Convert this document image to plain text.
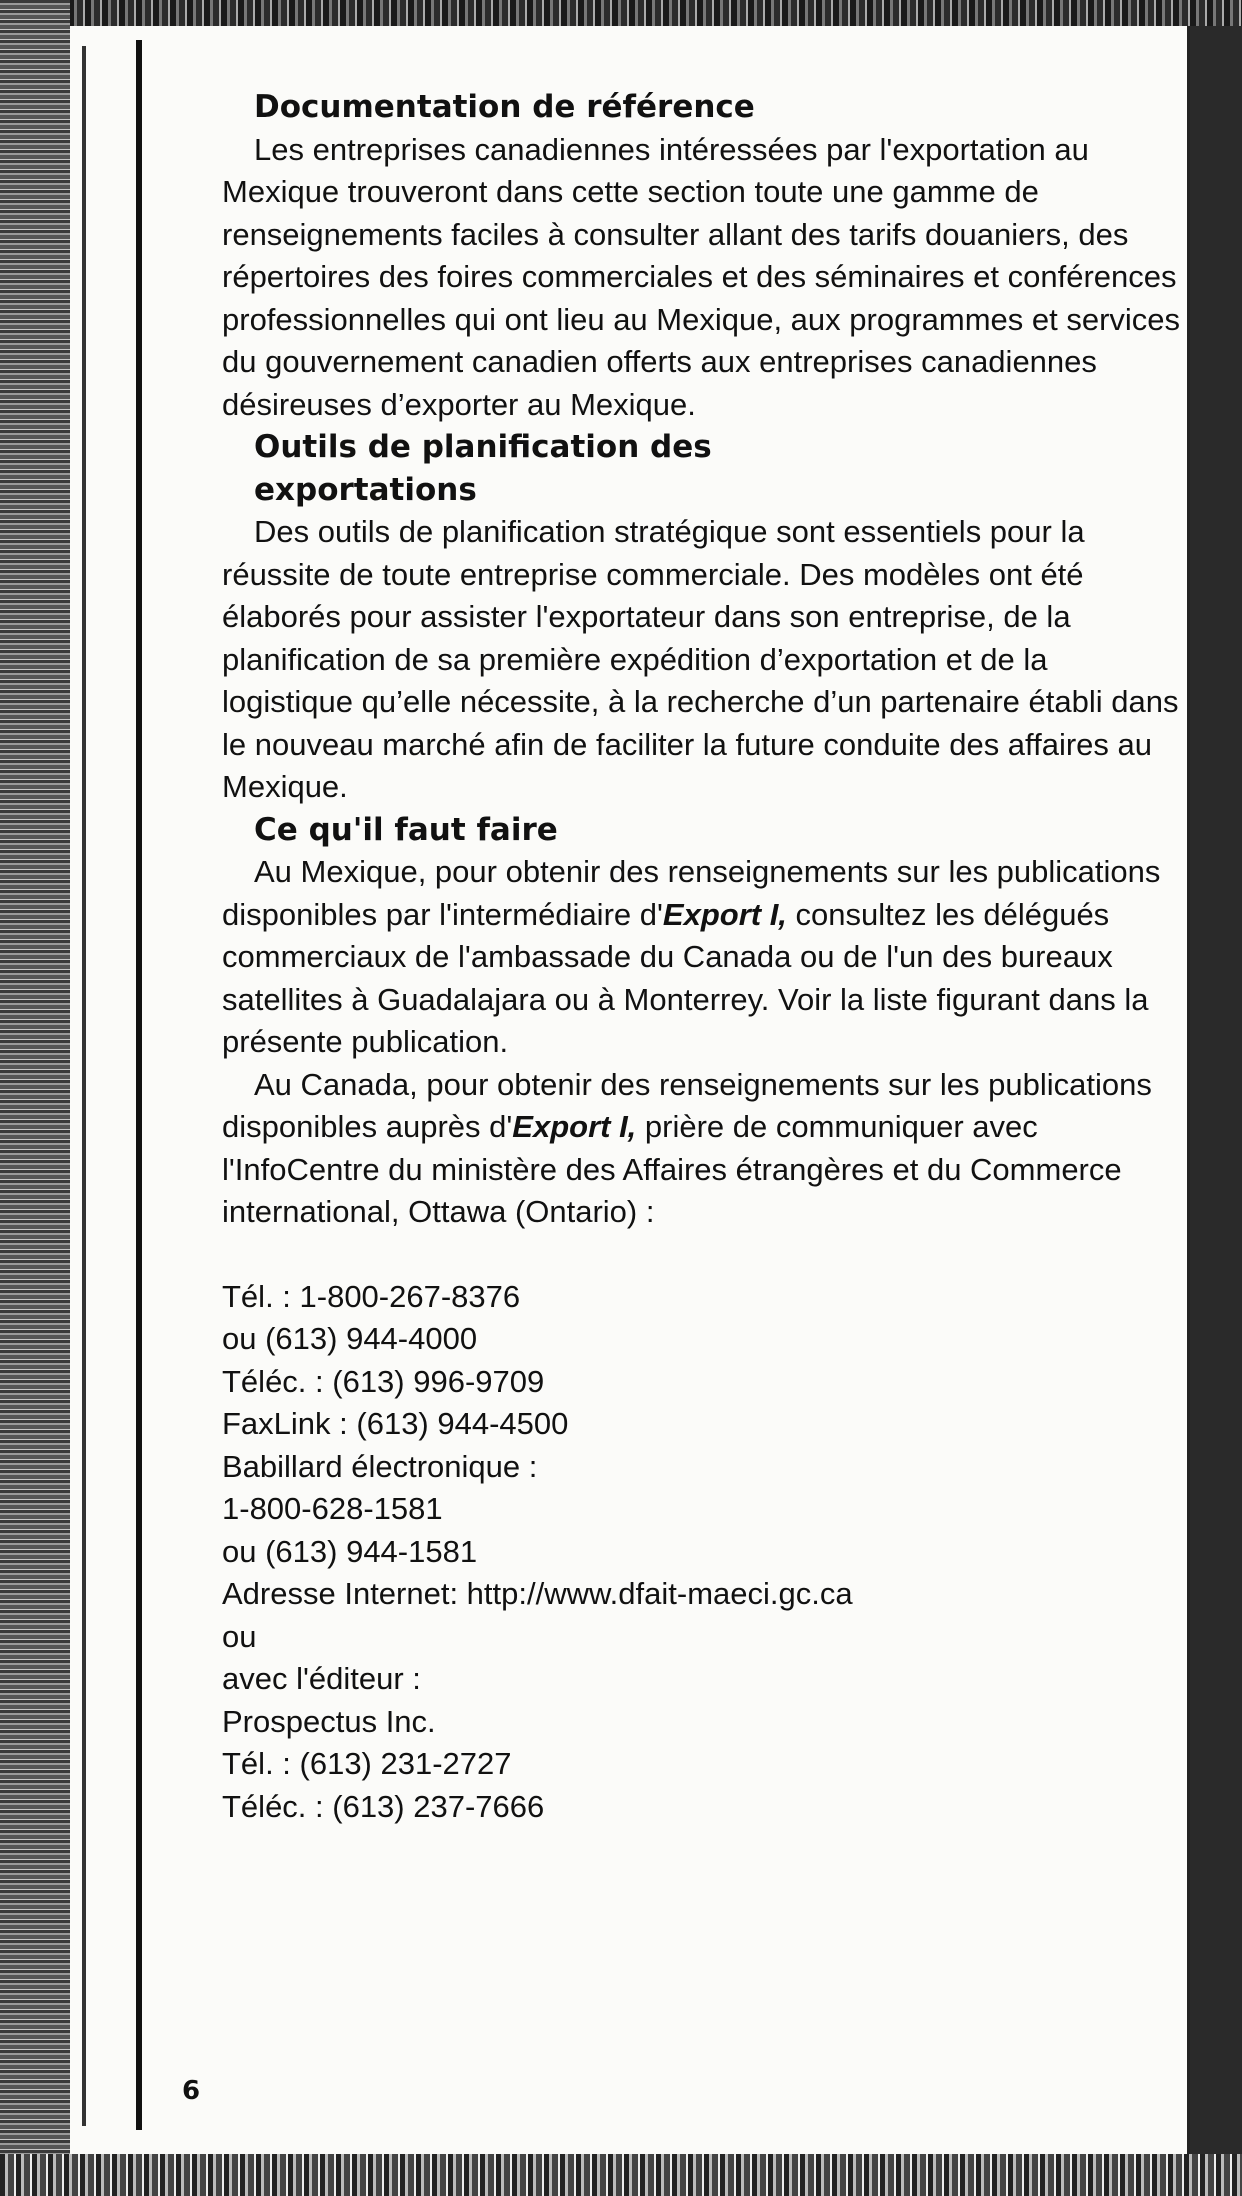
Documentation de référence

Les entreprises canadiennes intéressées par l'exportation au Mexique trouveront dans cette section toute une gamme de renseignements faciles à consulter allant des tarifs douaniers, des répertoires des foires commerciales et des séminaires et conférences professionnelles qui ont lieu au Mexique, aux programmes et services du gouvernement canadien offerts aux entreprises canadiennes désireuses d’exporter au Mexique.

Outils de planification des exportations

Des outils de planification stratégique sont essentiels pour la réussite de toute entreprise commerciale. Des modèles ont été élaborés pour assister l'exportateur dans son entreprise, de la planification de sa première expédition d’exportation et de la logistique qu’elle nécessite, à la recherche d’un partenaire établi dans le nouveau marché afin de faciliter la future conduite des affaires au Mexique.

Ce qu'il faut faire

Au Mexique, pour obtenir des renseignements sur les publications disponibles par l'intermédiaire d'Export I, consultez les délégués commerciaux de l'ambassade du Canada ou de l'un des bureaux satellites à Guadalajara ou à Monterrey. Voir la liste figurant dans la présente publication.

Au Canada, pour obtenir des renseignements sur les publications disponibles auprès d'Export I, prière de communiquer avec l'InfoCentre du ministère des Affaires étrangères et du Commerce international, Ottawa (Ontario) :

Tél. : 1-800-267-8376

ou (613) 944-4000

Téléc. : (613) 996-9709

FaxLink : (613) 944-4500

Babillard électronique :

1-800-628-1581

ou (613) 944-1581

Adresse Internet: http://www.dfait-maeci.gc.ca

ou

avec l'éditeur :

Prospectus Inc.

Tél. : (613) 231-2727

Téléc. : (613) 237-7666

6
